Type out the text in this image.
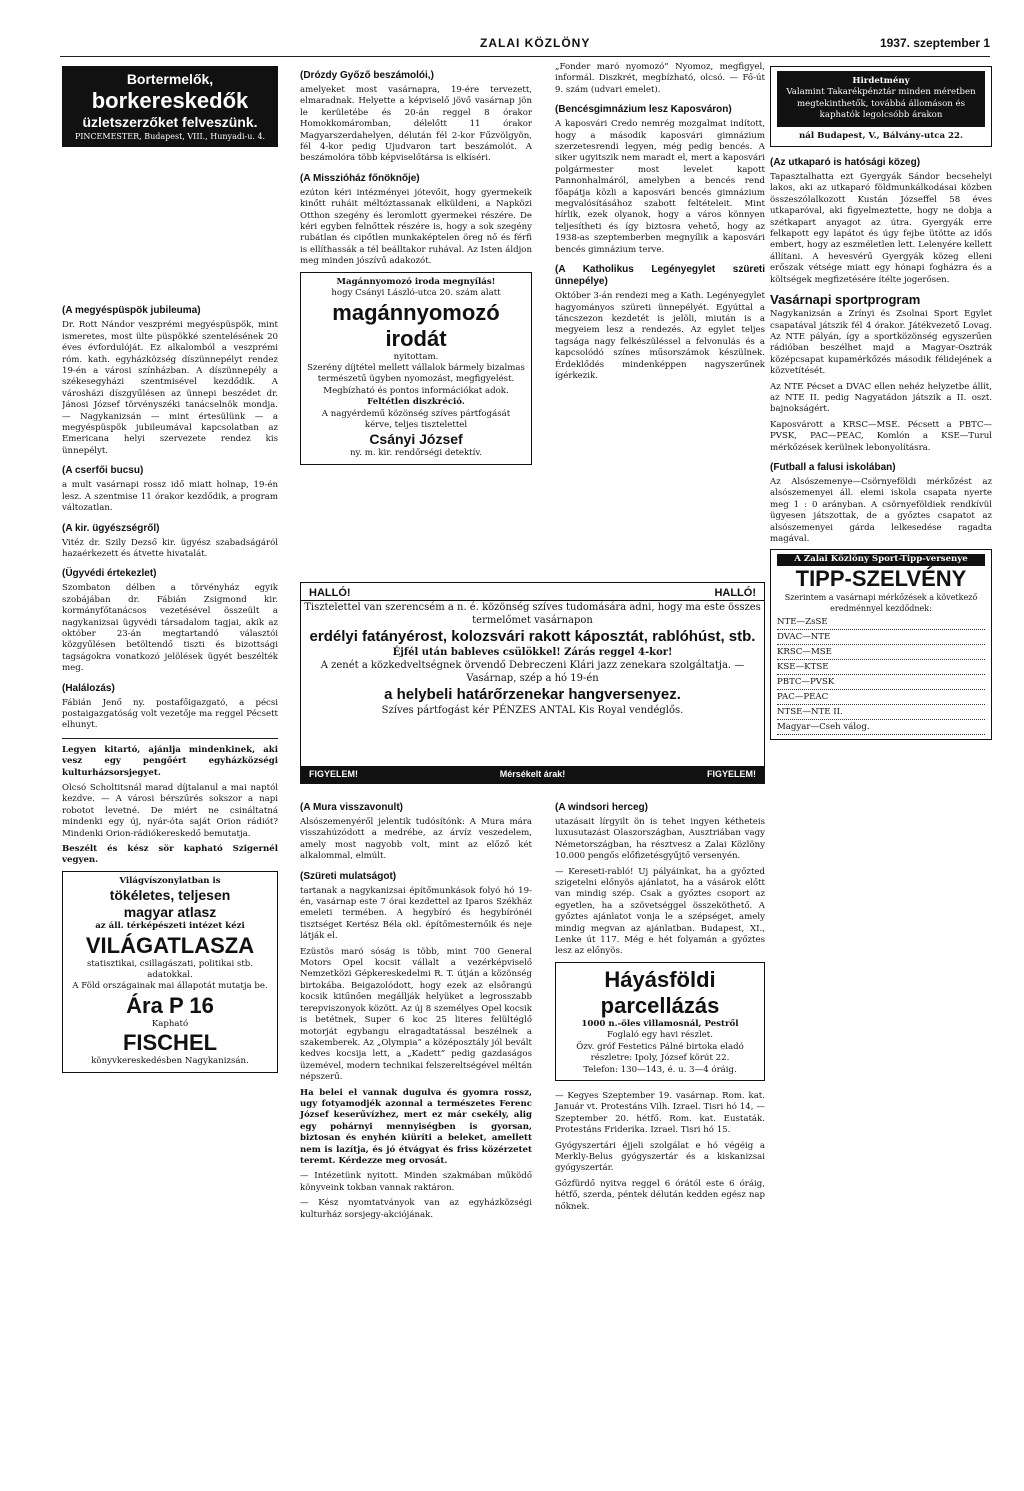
ZALAI KÖZLÖNY	1937. szeptember 1
Bortermelők,
borkereskedők
üzletszerzőket felveszünk.
PINCEMESTER, Budapest, VIII., Hunyadi-u. 4.
(A megyéspüspök jubileuma)

Dr. Rott Nándor veszprémi megyéspüspök, mint ismeretes, most ülte püspökké szentelésének 20 éves évfordulóját. Ez alkalomból a veszprémi róm. kath. egyházközség díszünnepélyt rendez 19-én a városi színházban. A díszünnepély a székesegyházi szentmisével kezdődik. A városházi díszgyűlésen az ünnepi beszédet dr. Jánosi József törvényszéki tanácselnök mondja. — Nagykanizsán — mint értesülünk — a megyéspüspök jubileumával kapcsolatban az Emericana helyi szervezete rendez kis ünnepélyt.

(A cserfői bucsu)

a mult vasárnapi rossz idő miatt holnap, 19-én lesz. A szentmise 11 órakor kezdődik, a program változatlan.

(A kir. ügyészségről)

Vitéz dr. Szily Dezső kir. ügyész szabadságáról hazaérkezett és átvette hivatalát.

(Ügyvédi értekezlet)

Szombaton délben a törvényház egyik szobájában dr. Fábián Zsigmond kir. kormányfőtanácsos vezetésével összeült a nagykanizsai ügyvédi társadalom tagjai, akik az október 23-án megtartandó választói közgyűlésen betöltendő tiszti és bizottsági tagságokra vonatkozó jelölések ügyét beszélték meg.

(Halálozás)

Fábián Jenő ny. postafőigazgató, a pécsi postaigazgatóság volt vezetője ma reggel Pécsett elhunyt.

Legyen kitartó, ajánlja mindenkinek, aki vesz egy pengőért egyházközségi kulturházsorsjegyet.

Olcsó Scholtitsnál marad díjtalanul a mai naptól kezdve. — A városi bérszűrés sokszor a napi robotot levetné. De miért ne csináltatná mindenki egy új, nyár-óta saját Orion rádiót? Mindenki Orion-rádiókereskedő bemutatja.

Beszélt és kész sör kapható Szigernél vegyen.

Világvíszonylatban is
tökéletes, teljesen
magyar atlasz
az áll. térképészeti intézet kézi
VILÁGATLASZA
statisztikai, csillagászati, politikai stb. adatokkal.
A Föld országainak mai állapotát mutatja be.
Ára P 16
Kapható
FISCHEL
könyvkereskedésben Nagykanizsán.
(Drózdy Győző beszámolói,)

amelyeket most vasárnapra, 19-ére tervezett, elmaradnak. Helyette a képviselő jövő vasárnap jön le kerületébe és 20-án reggel 8 órakor Homokkomáromban, délelőtt 11 órakor Magyarszerdahelyen, délután fél 2-kor Fűzvölgyön, fél 4-kor pedig Ujudvaron tart beszámolót. A beszámolóra több képviselőtársa is elkíséri.

(A Misszióház főnöknője)

ezúton kéri intézményei jótevőit, hogy gyermekeik kinőtt ruháit méltóztassanak elküldeni, a Napközi Otthon szegény és leromlott gyermekei részére. De kéri egyben felnőttek részére is, hogy a sok szegény rubátlan és cipőtlen munkaképtelen öreg nő és férfi is ellíthassák a tél beálltakor ruhával. Az Isten áldjon meg minden jószívű adakozót.

Magánnyomozó iroda megnyílás!
hogy Csányi László-utca 20. szám alatt
magánnyomozó irodát
nyitottam.
Szerény díjtétel mellett vállalok bármely bizalmas természetű ügyben nyomozást, megfigyelést. Megbízható és pontos információkat adok.
Feltétlen diszkréció.
A nagyérdemű közönség szíves pártfogását kérve, teljes tisztelettel
Csányi József
ny. m. kir. rendőrségi detektív.

„Fonder maró nyomozó” Nyomoz, megfigyel, informál. Diszkrét, megbízható, olcsó. — Fő-út 9. szám (udvari emelet).

(Bencésgimnázium lesz Kaposváron)

A kaposvári Credo nemrég mozgalmat indított, hogy a második kaposvári gimnázium szerzetesrendi legyen, még pedig bencés. A siker ugyitszik nem maradt el, mert a kaposvári polgármester most levelet kapott Pannonhalmáról, amelyben a bencés rend főapátja közli a kaposvári bencés gimnázium megvalósításához szabott feltételeit. Mint hírlik, ezek olyanok, hogy a város könnyen teljesítheti és így biztosra vehető, hogy az 1938-as szeptemberben megnyílik a kaposvári bencés gimnázium terve.

(A Katholikus Legényegylet szüreti ünnepélye)

Október 3-án rendezi meg a Kath. Legényegylet hagyományos szüreti ünnepélyét. Egyúttal a táncszezon kezdetét is jelöli, miután is a megyeiem lesz a rendezés. Az egylet teljes tagsága nagy felkészüléssel a felvonulás és a kapcsolódó színes műsorszámok készülnek. Érdeklődés mindenképpen nagyszerűnek ígérkezik.

HALLÓ!	HALLÓ!
Tisztelettel van szerencsém a n. é. közönség szíves tudomására adni, hogy ma este összes termelőmet vasárnapon
erdélyi fatányérost, kolozsvári rakott káposztát, rablóhúst, stb.
Éjfél után bableves csülökkel! Zárás reggel 4-kor!
A zenét a közkedveltségnek örvendő Debreczeni Klári jazz zenekara szolgáltatja. — Vasárnap, szép a hó 19-én
a helybeli határőrzenekar hangversenyez.
Szíves pártfogást kér PÉNZES ANTAL Kis Royal vendéglős.
FIGYELEM!	Mérsékelt árak!	FIGYELEM!
(A Mura visszavonult)

Alsószemenyéről jelentik tudósítónk: A Mura mára visszahúzódott a medrébe, az árvíz veszedelem, amely most nagyobb volt, mint az előző két alkalommal, elmúlt.

(Szüreti mulatságot)

tartanak a nagykanizsai építőmunkások folyó hó 19-én, vasárnap este 7 órai kezdettel az Iparos Székház emeleti termében. A hegybíró és hegybírónéi tisztséget Kertész Béla okl. építőmesternőik és neje látják el.

Ezüstös maró sóság is több, mint 700 General Motors Opel kocsit vállalt a vezérképviselő Nemzetközi Gépkereskedelmi R. T. útján a közönség birtokába. Beigazolódott, hogy ezek az elsőrangú kocsik kitűnően megállják helyüket a legrosszabb terepviszonyok között. Az új 8 személyes Opel kocsik is betétnek, Super 6 koc 25 literes felültéglő motorját egybangu elragadtatással beszélnek a szakemberek. Az „Olympia” a középosztály jól bevált kedves kocsija lett, a „Kadett” pedig gazdaságos üzemével, modern technikai felszereltségével méltán népszerű.

Ha belei el vannak dugulva és gyomra rossz, ugy fotyamodjék azonnal a természetes Ferenc József keserűvízhez, mert ez már csekély, alig egy pohárnyi mennyiségben is gyorsan, biztosan és enyhén kiüríti a beleket, amellett nem is lazítja, és jó étvágyat és friss közérzetet teremt. Kérdezze meg orvosát.

— Intézetünk nyitott. Minden szakmában működő könyveink tokban vannak raktáron.

— Kész nyomtatványok van az egyházközségi kulturház sorsjegy-akciójának.

(A windsori herceg)

utazásait lírgyilt ön is tehet ingyen kétheteis luxusutazást Olaszországban, Ausztriában vagy Németországban, ha résztvesz a Zalai Közlöny 10.000 pengős előfizetésgyűjtő versenyén.

— Kereseti-rabló! Uj pályáinkat, ha a győzted szigetelni előnyös ajánlatot, ha a vásárok előtt van mindig szép. Csak a győztes csoport az egyetlen, ha a szövetséggel összeköthető. A győztes ajánlatot vonja le a szépséget, amely mindig megvan az ajánlatban. Budapest, XI., Lenke út 117. Még e hét folyamán a győztes lesz az előnyös.

Háyásföldi parcellázás
1000 n.-öles villamosnál, Pestről
Foglaló egy havi részlet.
Özv. gróf Festetics Pálné birtoka eladó részletre: Ipoly, József körút 22.
Telefon: 130—143, é. u. 3—4 óráig.

— Kegyes Szeptember 19. vasárnap. Rom. kat. Január vt. Protestáns Vilh. Izrael. Tisri hó 14, — Szeptember 20. hétfő. Rom. kat. Eustaták. Protestáns Friderika. Izrael. Tisri hó 15.

Gyógyszertári éjjeli szolgálat e hó végéig a Merkly-Belus gyógyszertár és a kiskanizsai gyógyszertár.

Gőzfürdő nyitva reggel 6 órától este 6 óráig, hétfő, szerda, péntek délután kedden egész nap nőknek.

Hirdetmény
Valamint Takarékpénztár minden méretben megtekinthetők, továbbá állomáson és kaphatók legolcsóbb árakon
nál Budapest, V., Bálvány-utca 22.
(Az utkaparó is hatósági közeg)

Tapasztalhatta ezt Gyergyák Sándor becsehelyi lakos, aki az utkaparó földmunkálkodásai közben összeszólalkozott Kustán Józseffel 58 éves utkaparóval, aki figyelmeztette, hogy ne dobja a szétkapart anyagot az útra. Gyergyák erre felkapott egy lapátot és úgy fejbe ütötte az idős embert, hogy az eszméletlen lett. Lelenyére kellett állítani. A hevesvérű Gyergyák közeg elleni erőszak vétsége miatt egy hónapi fogházra és a költségek megfizetésére ítélte jogerősen.

Vasárnapi sportprogram

Nagykanizsán a Zrínyi és Zsolnai Sport Egylet csapatával játszik fél 4 órakor. Játékvezető Lovag. Az NTE pályán, így a sportközönség egyszerűen rádióban beszélhet majd a Magyar-Osztrák középcsapat kupamérkőzés második félidejének a közvetítését.

Az NTE Pécset a DVAC ellen nehéz helyzetbe állít, az NTE II. pedig Nagyatádon játszik a II. oszt. bajnokságért.

Kaposvárott a KRSC—MSE. Pécsett a PBTC—PVSK, PAC—PEAC, Komlón a KSE—Turul mérkőzések kerülnek lebonyolításra.

(Futball a falusi iskolában)

Az Alsószemenye—Csörnyeföldi mérkőzést az alsószemenyei áll. elemi iskola csapata nyerte meg 1 : 0 arányban. A csörnyeföldiek rendkívül ügyesen játszottak, de a győztes csapatot az alsószemenyei gárda lelkesedése ragadta magával.

A Zalai Közlöny Sport-Tipp-versenye
TIPP-SZELVÉNY
Szerintem a vasárnapi mérkőzések a következő eredménnyel kezdődnek:
NTE—ZsSE
DVAC—NTE
KRSC—MSE
KSE—KTSE
PBTC—PVSK
PAC—PEAC
NTSE—NTE II.
Magyar—Cseh válog.
